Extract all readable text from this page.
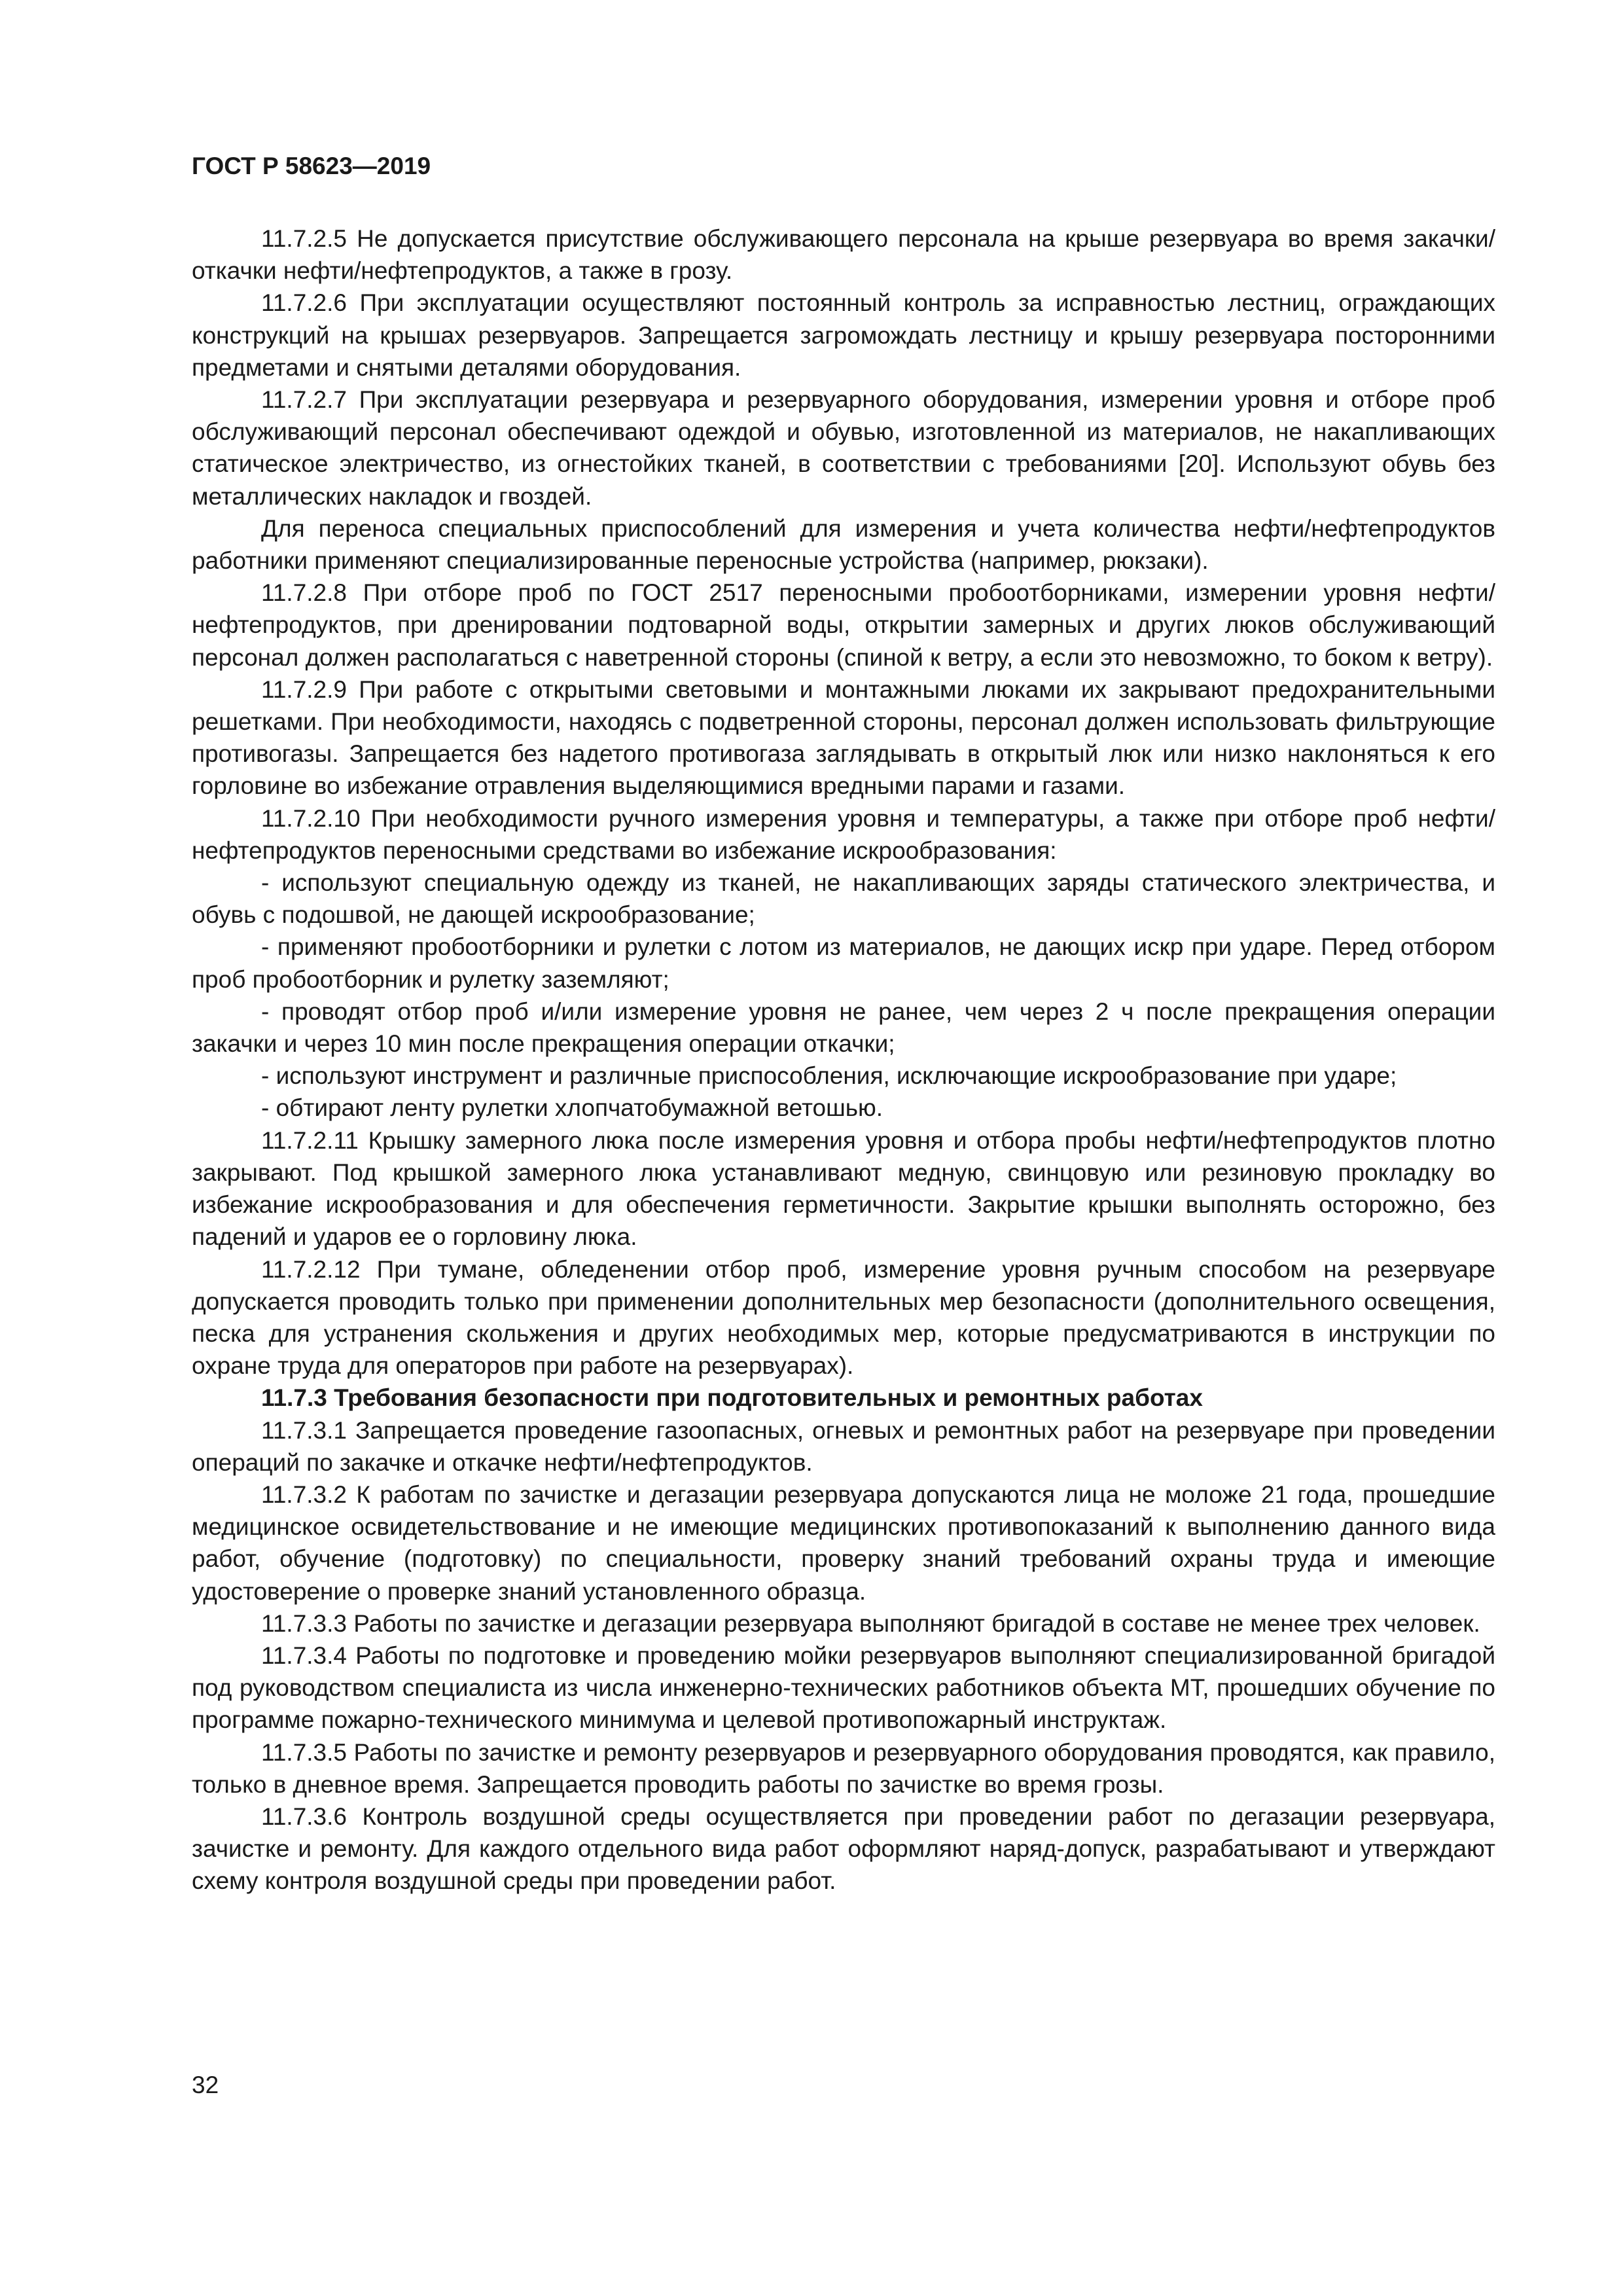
ГОСТ Р 58623—2019

11.7.2.5 Не допускается присутствие обслуживающего персонала на крыше резервуара во время закачки/откачки нефти/нефтепродуктов, а также в грозу.

11.7.2.6 При эксплуатации осуществляют постоянный контроль за исправностью лестниц, ограждающих конструкций на крышах резервуаров. Запрещается загромождать лестницу и крышу резервуара посторонними предметами и снятыми деталями оборудования.

11.7.2.7 При эксплуатации резервуара и резервуарного оборудования, измерении уровня и отборе проб обслуживающий персонал обеспечивают одеждой и обувью, изготовленной из материалов, не накапливающих статическое электричество, из огнестойких тканей, в соответствии с требованиями [20]. Используют обувь без металлических накладок и гвоздей.

Для переноса специальных приспособлений для измерения и учета количества нефти/нефтепродуктов работники применяют специализированные переносные устройства (например, рюкзаки).

11.7.2.8 При отборе проб по ГОСТ 2517 переносными пробоотборниками, измерении уровня нефти/нефтепродуктов, при дренировании подтоварной воды, открытии замерных и других люков обслуживающий персонал должен располагаться с наветренной стороны (спиной к ветру, а если это невозможно, то боком к ветру).

11.7.2.9 При работе с открытыми световыми и монтажными люками их закрывают предохранительными решетками. При необходимости, находясь с подветренной стороны, персонал должен использовать фильтрующие противогазы. Запрещается без надетого противогаза заглядывать в открытый люк или низко наклоняться к его горловине во избежание отравления выделяющимися вредными парами и газами.

11.7.2.10 При необходимости ручного измерения уровня и температуры, а также при отборе проб нефти/нефтепродуктов переносными средствами во избежание искрообразования:

- используют специальную одежду из тканей, не накапливающих заряды статического электричества, и обувь с подошвой, не дающей искрообразование;

- применяют пробоотборники и рулетки с лотом из материалов, не дающих искр при ударе. Перед отбором проб пробоотборник и рулетку заземляют;

- проводят отбор проб и/или измерение уровня не ранее, чем через 2 ч после прекращения операции закачки и через 10 мин после прекращения операции откачки;

- используют инструмент и различные приспособления, исключающие искрообразование при ударе;

- обтирают ленту рулетки хлопчатобумажной ветошью.

11.7.2.11 Крышку замерного люка после измерения уровня и отбора пробы нефти/нефтепродуктов плотно закрывают. Под крышкой замерного люка устанавливают медную, свинцовую или резиновую прокладку во избежание искрообразования и для обеспечения герметичности. Закрытие крышки выполнять осторожно, без падений и ударов ее о горловину люка.

11.7.2.12 При тумане, обледенении отбор проб, измерение уровня ручным способом на резервуаре допускается проводить только при применении дополнительных мер безопасности (дополнительного освещения, песка для устранения скольжения и других необходимых мер, которые предусматриваются в инструкции по охране труда для операторов при работе на резервуарах).

11.7.3 Требования безопасности при подготовительных и ремонтных работах

11.7.3.1 Запрещается проведение газоопасных, огневых и ремонтных работ на резервуаре при проведении операций по закачке и откачке нефти/нефтепродуктов.

11.7.3.2 К работам по зачистке и дегазации резервуара допускаются лица не моложе 21 года, прошедшие медицинское освидетельствование и не имеющие медицинских противопоказаний к выполнению данного вида работ, обучение (подготовку) по специальности, проверку знаний требований охраны труда и имеющие удостоверение о проверке знаний установленного образца.

11.7.3.3 Работы по зачистке и дегазации резервуара выполняют бригадой в составе не менее трех человек.

11.7.3.4 Работы по подготовке и проведению мойки резервуаров выполняют специализированной бригадой под руководством специалиста из числа инженерно-технических работников объекта МТ, прошедших обучение по программе пожарно-технического минимума и целевой противопожарный инструктаж.

11.7.3.5 Работы по зачистке и ремонту резервуаров и резервуарного оборудования проводятся, как правило, только в дневное время. Запрещается проводить работы по зачистке во время грозы.

11.7.3.6 Контроль воздушной среды осуществляется при проведении работ по дегазации резервуара, зачистке и ремонту. Для каждого отдельного вида работ оформляют наряд-допуск, разрабатывают и утверждают схему контроля воздушной среды при проведении работ.

32
